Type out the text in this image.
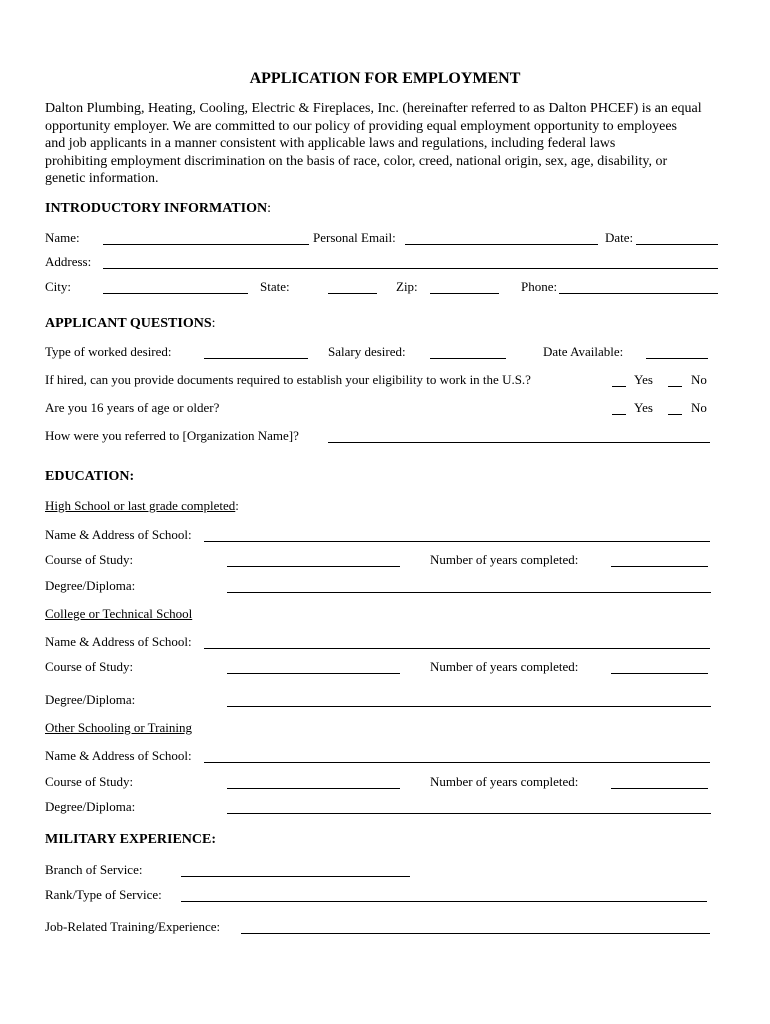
APPLICATION FOR EMPLOYMENT

Dalton Plumbing, Heating, Cooling, Electric & Fireplaces, Inc. (hereinafter referred to as Dalton PHCEF) is an equal

opportunity employer. We are committed to our policy of providing equal employment opportunity to employees

and job applicants in a manner consistent with applicable laws and regulations, including federal laws

prohibiting employment discrimination on the basis of race, color, creed, national origin, sex, age, disability, or

genetic information.

INTRODUCTORY INFORMATION:
Name:	Personal Email:	Date:
Address:
City:	State:	Zip:	Phone:
APPLICANT QUESTIONS:
Type of worked desired:	Salary desired:	Date Available:
If hired, can you provide documents required to establish your eligibility to work in the U.S.?	Yes	No
Are you 16 years of age or older?	Yes	No
How were you referred to [Organization Name]?
EDUCATION:
High School or last grade completed:
Name & Address of School:
Course of Study:	Number of years completed:
Degree/Diploma:
College or Technical School
Name & Address of School:
Course of Study:	Number of years completed:
Degree/Diploma:
Other Schooling or Training
Name & Address of School:
Course of Study:	Number of years completed:
Degree/Diploma:
MILITARY EXPERIENCE:
Branch of Service:
Rank/Type of Service:
Job-Related Training/Experience:
